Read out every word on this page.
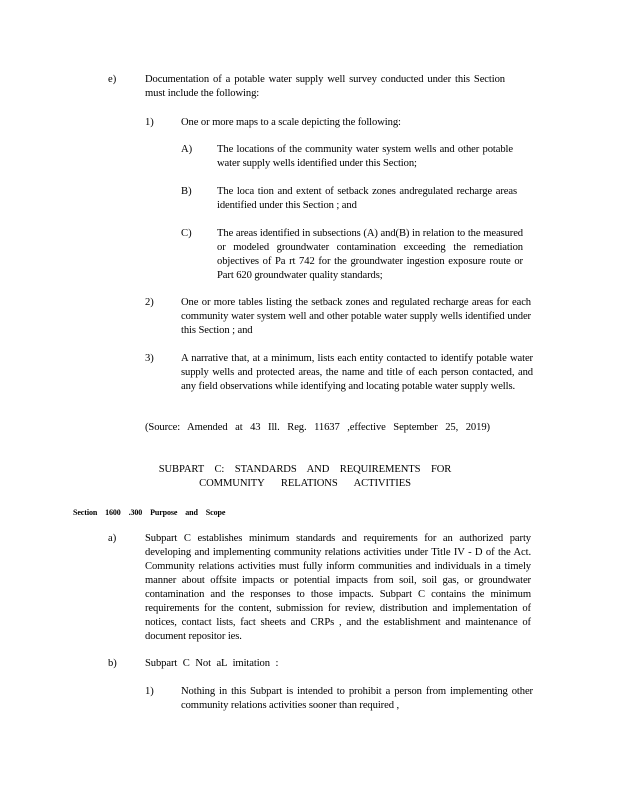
e)	Documentation of a potable water supply well survey conducted under this Section must include the following:
1)	One or more maps to a scale depicting the following:
A) The locations of the community water system wells and other potable water supply wells identified under this Section;
B) The loca tion and extent of setback zones andregulated recharge areas identified under this Section ; and
C) The areas identified in subsections (A) and(B) in relation to the measured or modeled groundwater contamination exceeding the remediation objectives of Pa rt 742 for the groundwater ingestion exposure route or Part 620 groundwater quality standards;
2)	One or more tables listing the setback zones and regulated recharge areas for each community water system well and other potable water supply wells identified under this Section ; and
3)	A narrative that, at a minimum, lists each entity contacted to identify potable water supply wells and protected areas, the name and title of each person contacted, and any field observations while identifying and locating potable water supply wells.
(Source: Amended at 43 Ill. Reg. 11637 ,effective September 25, 2019)
SUBPART C: STANDARDS AND REQUIREMENTS FOR
COMMUNITY RELATIONS ACTIVITIES
Section 1600 .300 Purpose and Scope
a)	Subpart C establishes minimum standards and requirements for an authorized party developing and implementing community relations activities under Title IV - D of the Act. Community relations activities must fully inform communities and individuals in a timely manner about offsite impacts or potential impacts from soil, soil gas, or groundwater contamination and the responses to those impacts. Subpart C contains the minimum requirements for the content, submission for review, distribution and implementation of notices, contact lists, fact sheets and CRPs , and the establishment and maintenance of document repositor ies.
b)	Subpart C Not aL imitation :
1)	Nothing in this Subpart is intended to prohibit a person from implementing other community relations activities sooner than required ,
